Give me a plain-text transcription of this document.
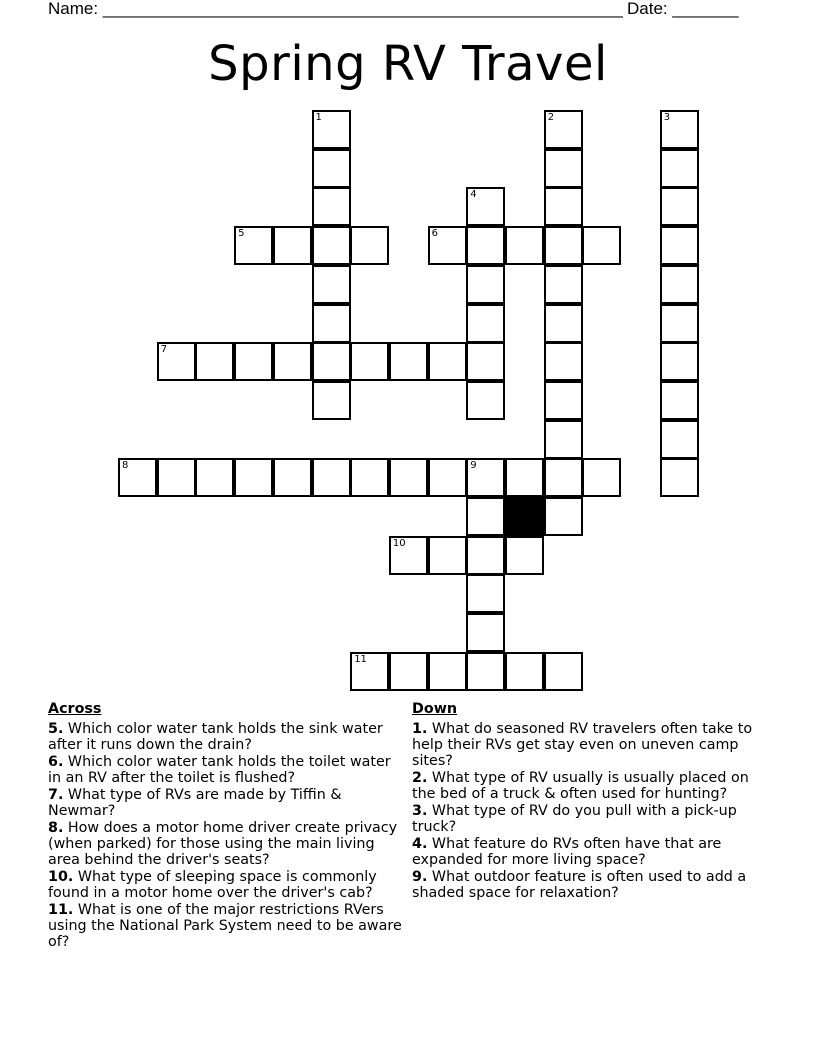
Name: _______________________________________________________ Date: _______
Spring RV Travel
1	2	3
4
5	6
7
8	9
10
11
Across
5. Which color water tank holds the sink water after it runs down the drain?
6. Which color water tank holds the toilet water in an RV after the toilet is flushed?
7. What type of RVs are made by Tiffin & Newmar?
8. How does a motor home driver create privacy (when parked) for those using the main living area behind the driver's seats?
10. What type of sleeping space is commonly found in a motor home over the driver's cab?
11. What is one of the major restrictions RVers using the National Park System need to be aware of?
Down
1. What do seasoned RV travelers often take to help their RVs get stay even on uneven camp sites?
2. What type of RV usually is usually placed on the bed of a truck & often used for hunting?
3. What type of RV do you pull with a pick-up truck?
4. What feature do RVs often have that are expanded for more living space?
9. What outdoor feature is often used to add a shaded space for relaxation?
